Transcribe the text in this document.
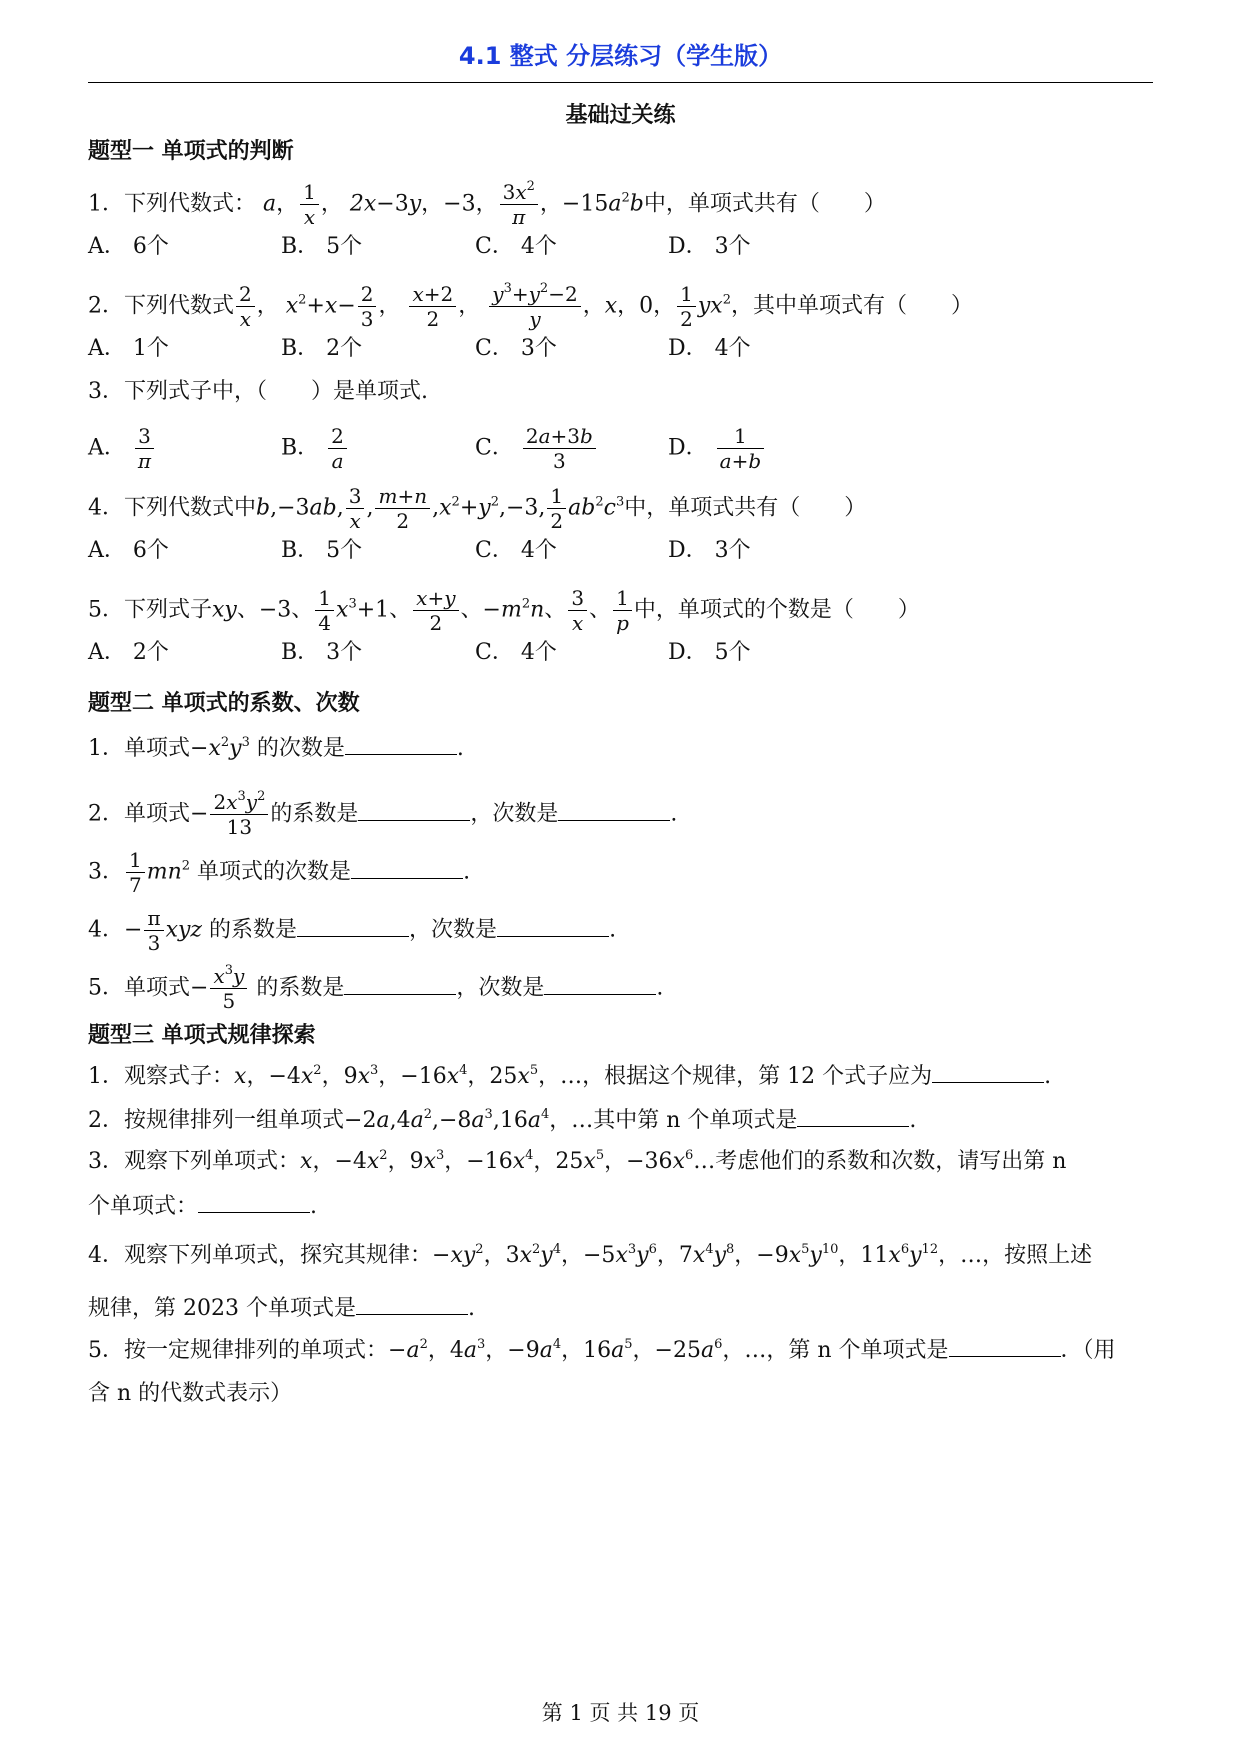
4.1 整式 分层练习（学生版）
基础过关练
题型一 单项式的判断
1．下列代数式： a， $\frac{1}{x}$ ， 2x−3y，−3， $\frac{3x^2}{\pi}$ ，$-15a^2b$中，单项式共有（　　）
A． 6个	B． 5个	C． 4个	D． 3个
2．下列代数式 $\frac{2}{x}$ ， $x^2+x- \frac{2}{3}$ ， $\frac{x+2}{2}$ ， $\frac{y^3+y^2-2}{y}$ ，x，0， $\frac{1}{2} yx^2$，其中单项式有（　　）
A． 1个	B． 2个	C． 3个	D． 4个
3．下列式子中，（　　）是单项式.
A． $\frac{3}{\pi}$	B． $\frac{2}{a}$	C． $\frac{2a+3b}{3}$	D． $\frac{1}{a+b}$
4．下列代数式中b,−3ab, $\frac{3}{x}$ , $\frac{m+n}{2} ,x^2+y^2,-3$, $\frac{1}{2} ab^2c^3$中，单项式共有（　　）
A． 6个	B． 5个	C． 4个	D． 3个
5．下列式子xy、−3、 $\frac{1}{4} x^3+1$、 $\frac{x+y}{2}$ 、$-m^2n$、 $\frac{3}{x}$ 、 $\frac{1}{p}$ 中，单项式的个数是（　　）
A． 2个	B． 3个	C． 4个	D． 5个
题型二 单项式的系数、次数
1．单项式$-x^2y^3$ 的次数是	.
2．单项式− $\frac{2x^3y^2}{13}$ 的系数是	，次数是	.
3． $\frac{1}{7} mn^2$ 单项式的次数是	.
4．− $\frac{\pi}{3}$ xyz 的系数是	，次数是	.
5．单项式− $\frac{x^3y}{5}$ 的系数是	，次数是	.
题型三 单项式规律探索
1．观察式子：x，$-4x^2$，$9x^3$，$-16x^4$，$25x^5$，…，根据这个规律，第 12 个式子应为	.
2．按规律排列一组单项式$-2a,4a^2,-8a^3,16a^4$，…其中第 n 个单项式是	.
3．观察下列单项式：x，$-4x^2$，$9x^3$，$-16x^4$，$25x^5$，$-36x^6\dots$考虑他们的系数和次数，请写出第 n
个单项式：	.
4．观察下列单项式，探究其规律：$-xy^2$，$3x^2y^4$，$-5x^3y^6$，$7x^4y^8$，$-9x^5y^{10}$，$11x^6y^{12}$，…，按照上述
规律，第 2023 个单项式是	.
5．按一定规律排列的单项式：$-a^2$，$4a^3$，$-9a^4$，$16a^5$，$-25a^6$，…，第 n 个单项式是	．（用
含 n 的代数式表示）
第 1 页 共 19 页
